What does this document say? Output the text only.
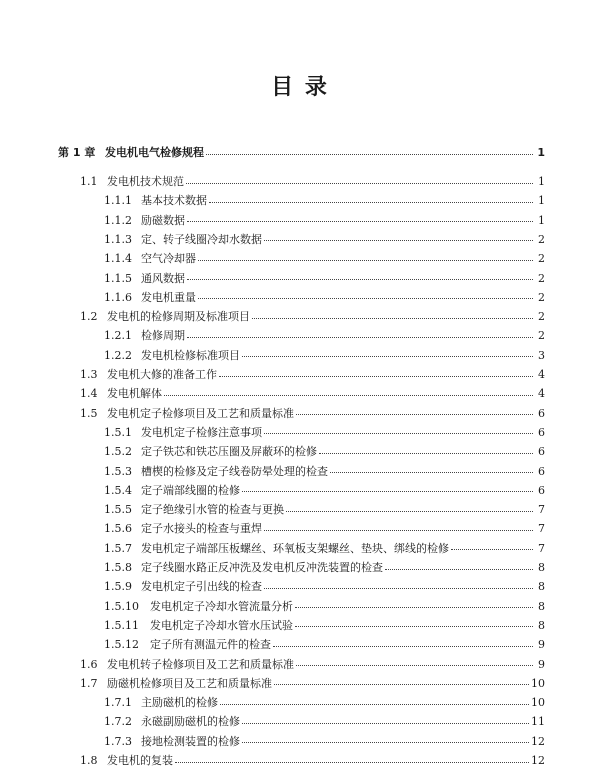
目 录
第 1 章 发电机电气检修规程	1
1.1 发电机技术规范	1
1.1.1 基本技术数据	1
1.1.2 励磁数据	1
1.1.3 定、转子线圈冷却水数据	2
1.1.4 空气冷却器	2
1.1.5 通风数据	2
1.1.6 发电机重量	2
1.2 发电机的检修周期及标准项目	2
1.2.1 检修周期	2
1.2.2 发电机检修标准项目	3
1.3 发电机大修的准备工作	4
1.4 发电机解体	4
1.5 发电机定子检修项目及工艺和质量标准	6
1.5.1 发电机定子检修注意事项	6
1.5.2 定子铁芯和铁芯压圈及屏蔽环的检修	6
1.5.3 槽楔的检修及定子线卷防晕处理的检查	6
1.5.4 定子端部线圈的检修	6
1.5.5 定子绝缘引水管的检查与更换	7
1.5.6 定子水接头的检查与重焊	7
1.5.7 发电机定子端部压板螺丝、环氧板支架螺丝、垫块、绑线的检修	7
1.5.8 定子线圈水路正反冲洗及发电机反冲洗装置的检查	8
1.5.9 发电机定子引出线的检查	8
1.5.10	发电机定子冷却水管流量分析	8
1.5.11	发电机定子冷却水管水压试验	8
1.5.12	定子所有测温元件的检查	9
1.6 发电机转子检修项目及工艺和质量标准	9
1.7 励磁机检修项目及工艺和质量标准	10
1.7.1 主励磁机的检修	10
1.7.2 永磁副励磁机的检修	11
1.7.3 接地检测装置的检修	12
1.8 发电机的复装	12
